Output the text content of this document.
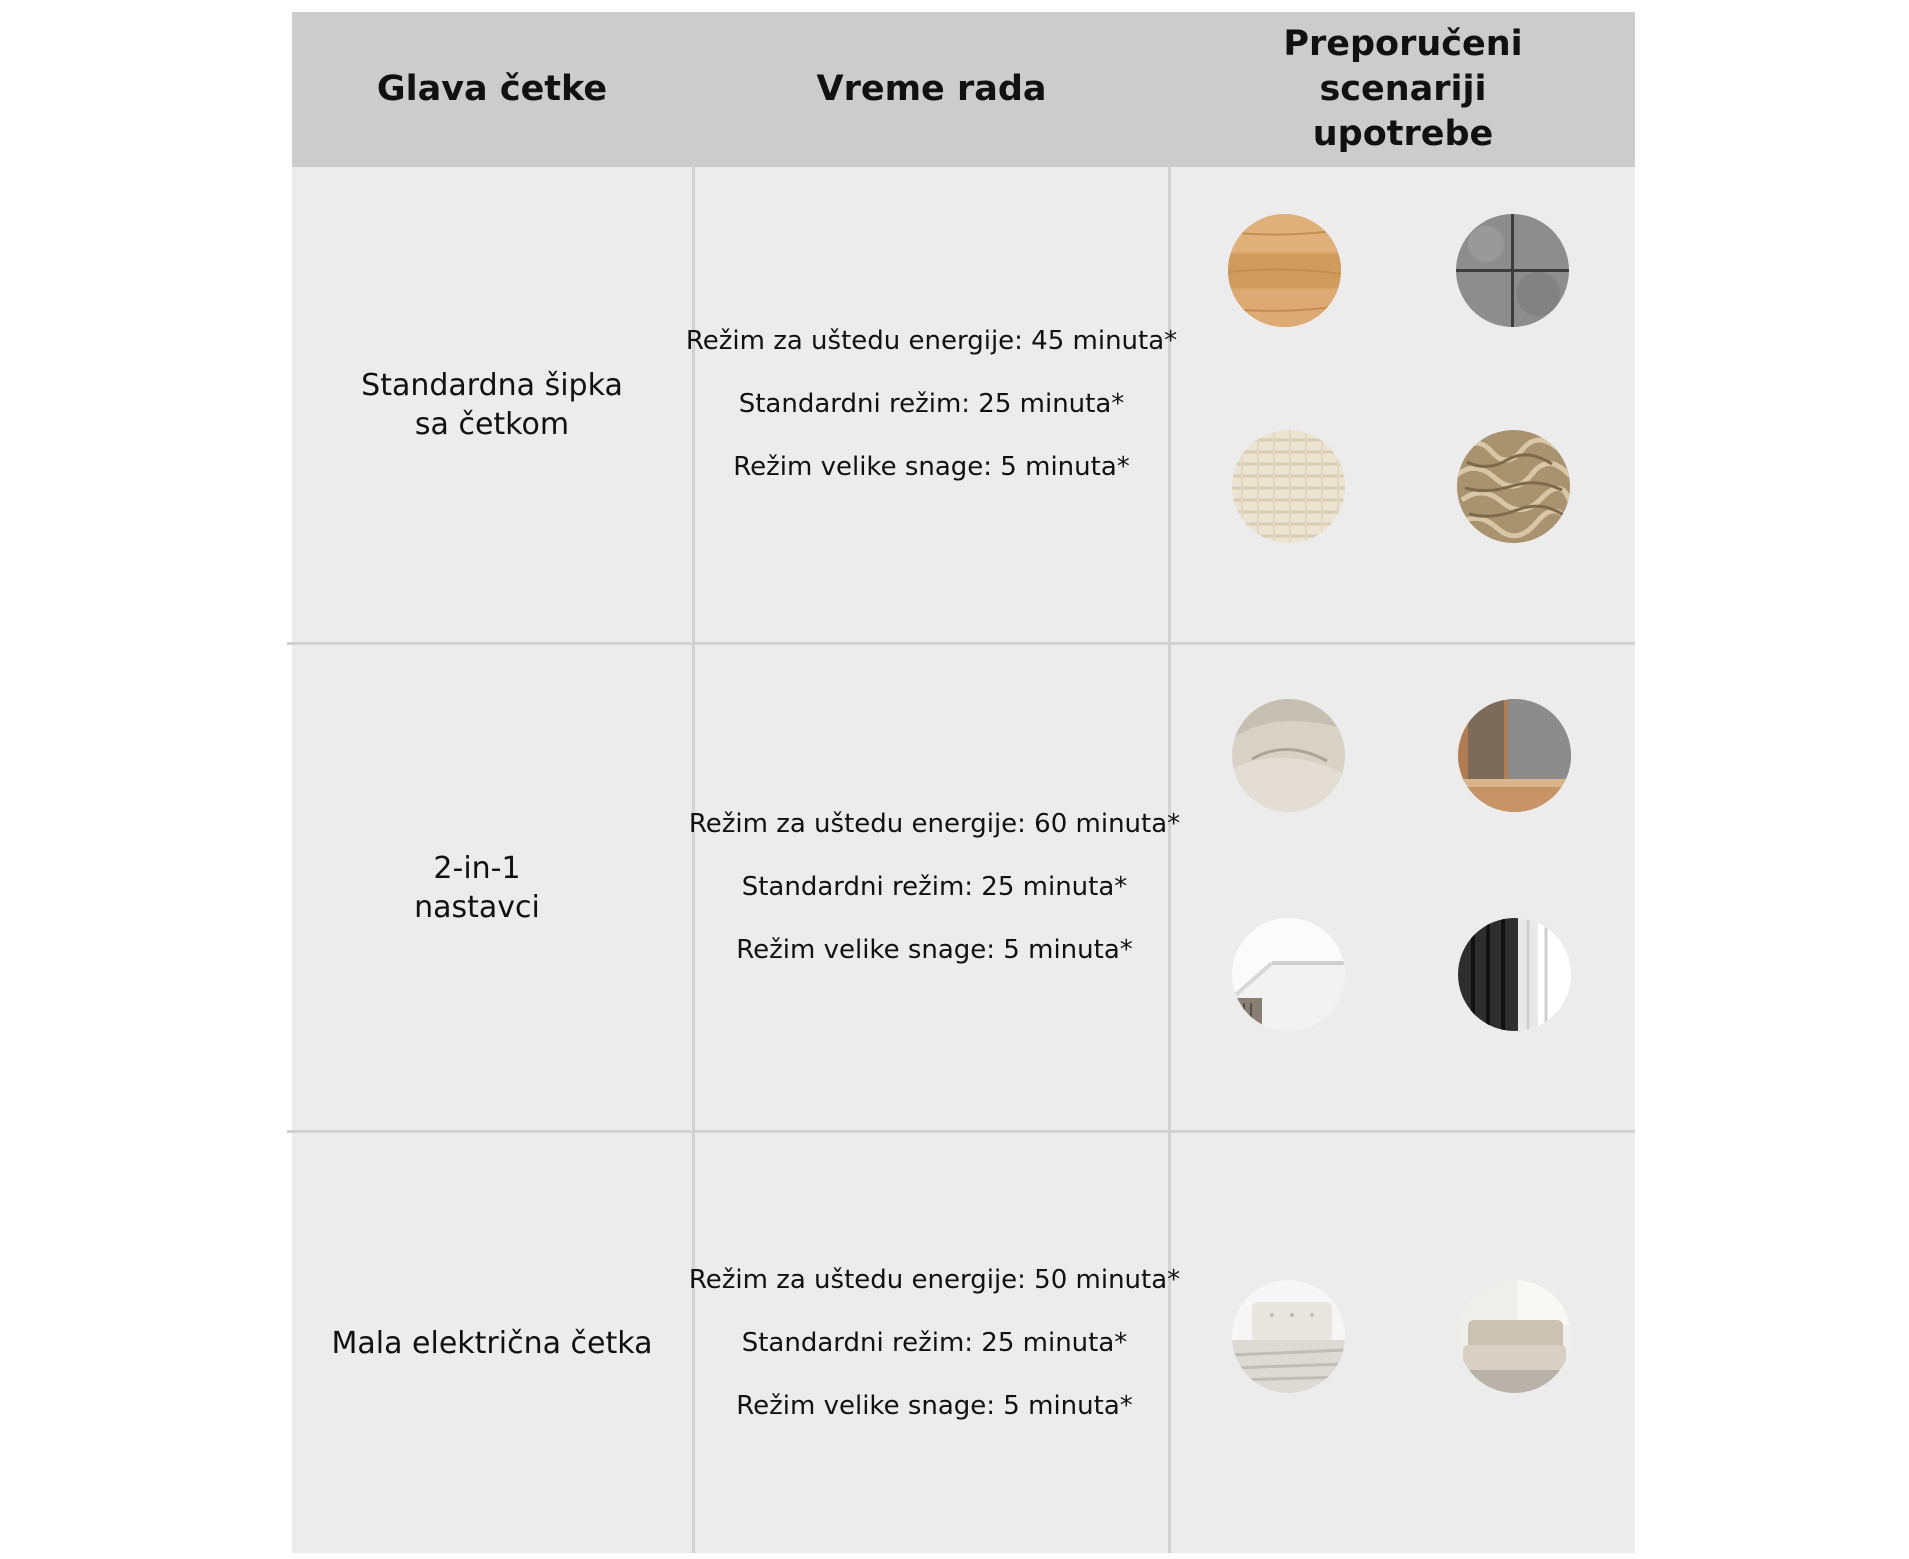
Glava četke	Vreme rada
Preporučeni scenariji upotrebe
Standardna šipka
sa četkom
Režim za uštedu energije: 45 minuta*
Standardni režim: 25 minuta*
Režim velike snage: 5 minuta*
2-in-1
nastavci
Režim za uštedu energije: 60 minuta*
Standardni režim: 25 minuta*
Režim velike snage: 5 minuta*
Mala električna četka
Režim za uštedu energije: 50 minuta*
Standardni režim: 25 minuta*
Režim velike snage: 5 minuta*
